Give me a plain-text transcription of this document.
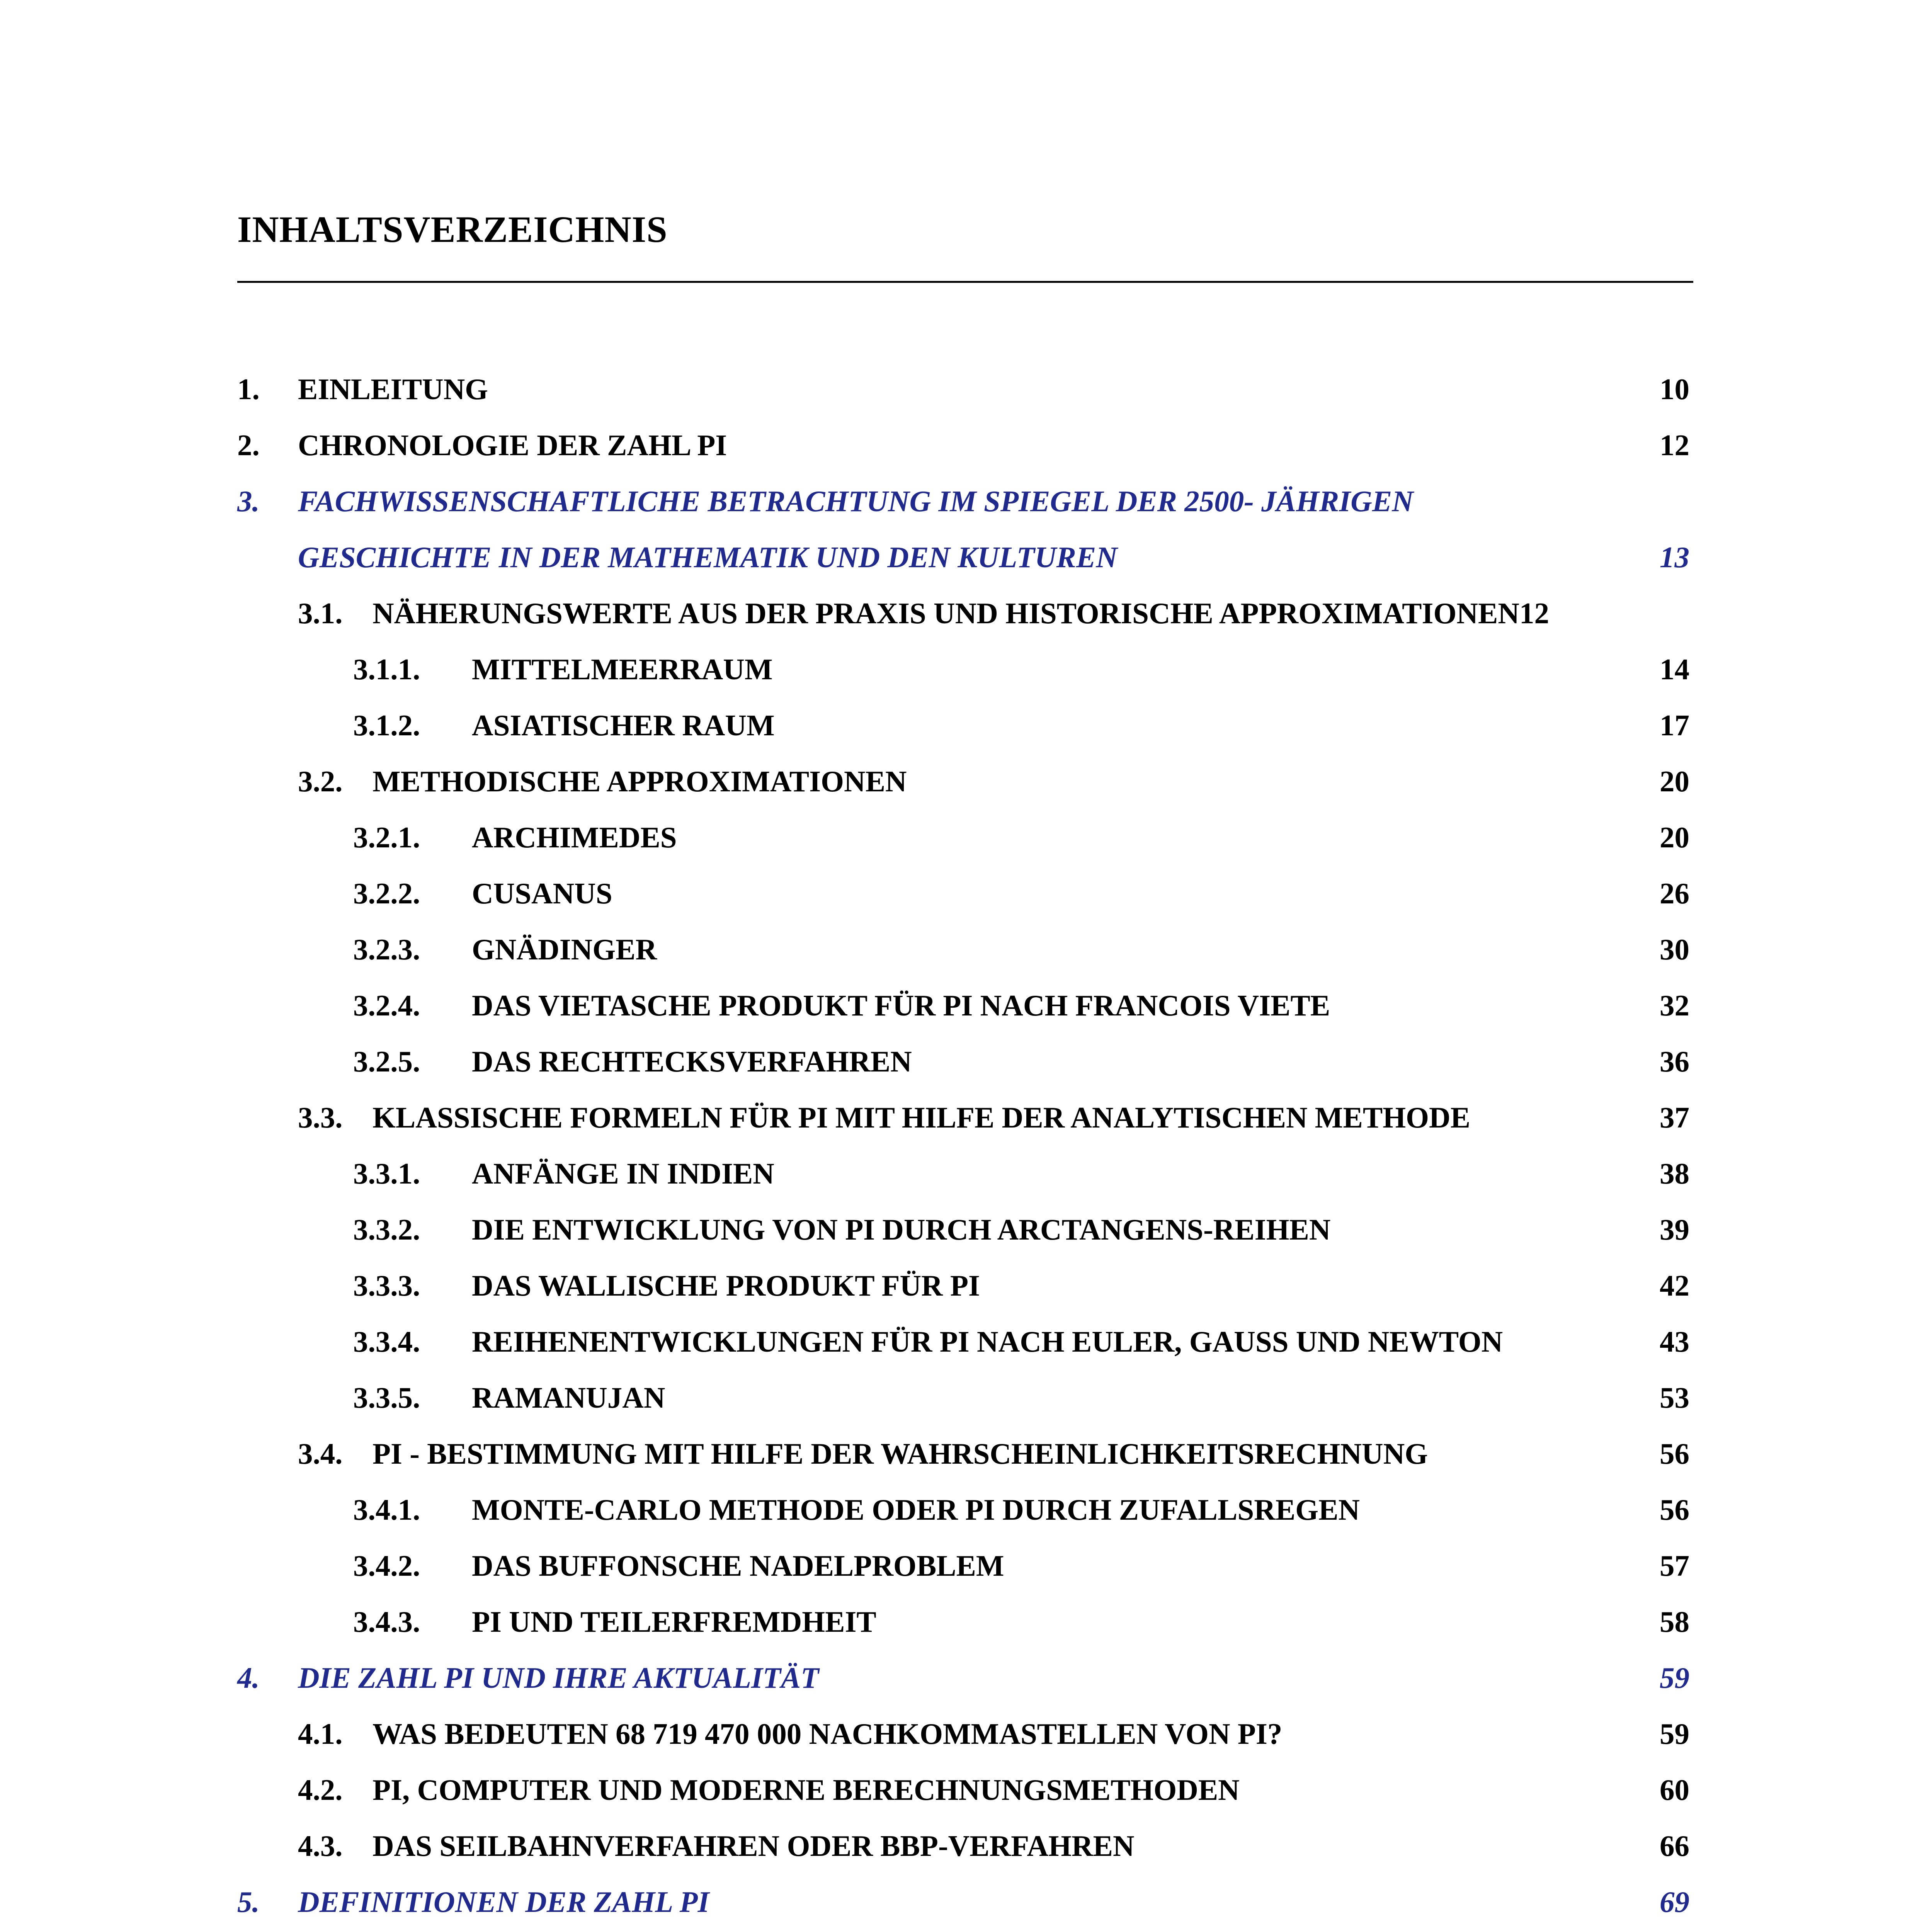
INHALTSVERZEICHNIS
1. EINLEITUNG	10
2. CHRONOLOGIE DER ZAHL PI	12
3. FACHWISSENSCHAFTLICHE BETRACHTUNG IM SPIEGEL DER 2500- JÄHRIGEN
GESCHICHTE IN DER MATHEMATIK UND DEN KULTUREN	13
3.1. NÄHERUNGSWERTE AUS DER PRAXIS UND HISTORISCHE APPROXIMATIONEN12
3.1.1. MITTELMEERRAUM	14
3.1.2. ASIATISCHER RAUM	17
3.2. METHODISCHE APPROXIMATIONEN	20
3.2.1. ARCHIMEDES	20
3.2.2. CUSANUS	26
3.2.3. GNÄDINGER	30
3.2.4. DAS VIETASCHE PRODUKT FÜR PI NACH FRANCOIS VIETE	32
3.2.5. DAS RECHTECKSVERFAHREN	36
3.3. KLASSISCHE FORMELN FÜR PI MIT HILFE DER ANALYTISCHEN METHODE	37
3.3.1. ANFÄNGE IN INDIEN	38
3.3.2. DIE ENTWICKLUNG VON PI DURCH ARCTANGENS-REIHEN	39
3.3.3. DAS WALLISCHE PRODUKT FÜR PI	42
3.3.4. REIHENENTWICKLUNGEN FÜR PI NACH EULER, GAUSS UND NEWTON	43
3.3.5. RAMANUJAN	53
3.4. PI - BESTIMMUNG MIT HILFE DER WAHRSCHEINLICHKEITSRECHNUNG	56
3.4.1. MONTE-CARLO METHODE ODER PI DURCH ZUFALLSREGEN	56
3.4.2. DAS BUFFONSCHE NADELPROBLEM	57
3.4.3. PI UND TEILERFREMDHEIT	58
4. DIE ZAHL PI UND IHRE AKTUALITÄT	59
4.1. WAS BEDEUTEN 68 719 470 000 NACHKOMMASTELLEN VON PI?	59
4.2. PI, COMPUTER UND MODERNE BERECHNUNGSMETHODEN	60
4.3. DAS SEILBAHNVERFAHREN ODER BBP-VERFAHREN	66
5. DEFINITIONEN DER ZAHL PI	69
